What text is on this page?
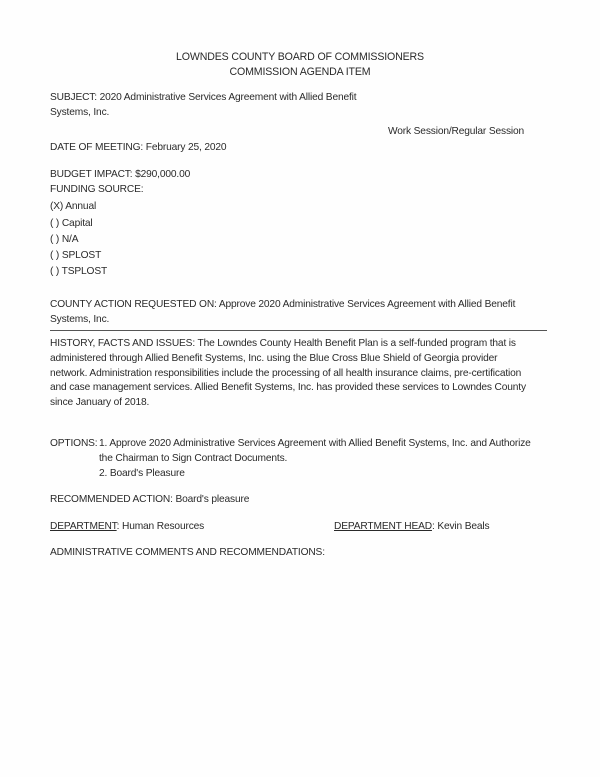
LOWNDES COUNTY BOARD OF COMMISSIONERS
COMMISSION AGENDA ITEM
SUBJECT: 2020 Administrative Services Agreement with Allied Benefit
Systems, Inc.
Work Session/Regular Session
DATE OF MEETING: February 25, 2020
BUDGET IMPACT: $290,000.00
FUNDING SOURCE:
(X) Annual
( ) Capital
( ) N/A
( ) SPLOST
( ) TSPLOST
COUNTY ACTION REQUESTED ON: Approve 2020 Administrative Services Agreement with Allied Benefit
Systems, Inc.
HISTORY, FACTS AND ISSUES: The Lowndes County Health Benefit Plan is a self-funded program that is
administered through Allied Benefit Systems, Inc. using the Blue Cross Blue Shield of Georgia provider
network. Administration responsibilities include the processing of all health insurance claims, pre-certification
and case management services. Allied Benefit Systems, Inc. has provided these services to Lowndes County
since January of 2018.
OPTIONS: 1. Approve 2020 Administrative Services Agreement with Allied Benefit Systems, Inc. and Authorize
the Chairman to Sign Contract Documents.
2. Board's Pleasure
RECOMMENDED ACTION: Board's pleasure
DEPARTMENT: Human Resources	DEPARTMENT HEAD: Kevin Beals
ADMINISTRATIVE COMMENTS AND RECOMMENDATIONS:
